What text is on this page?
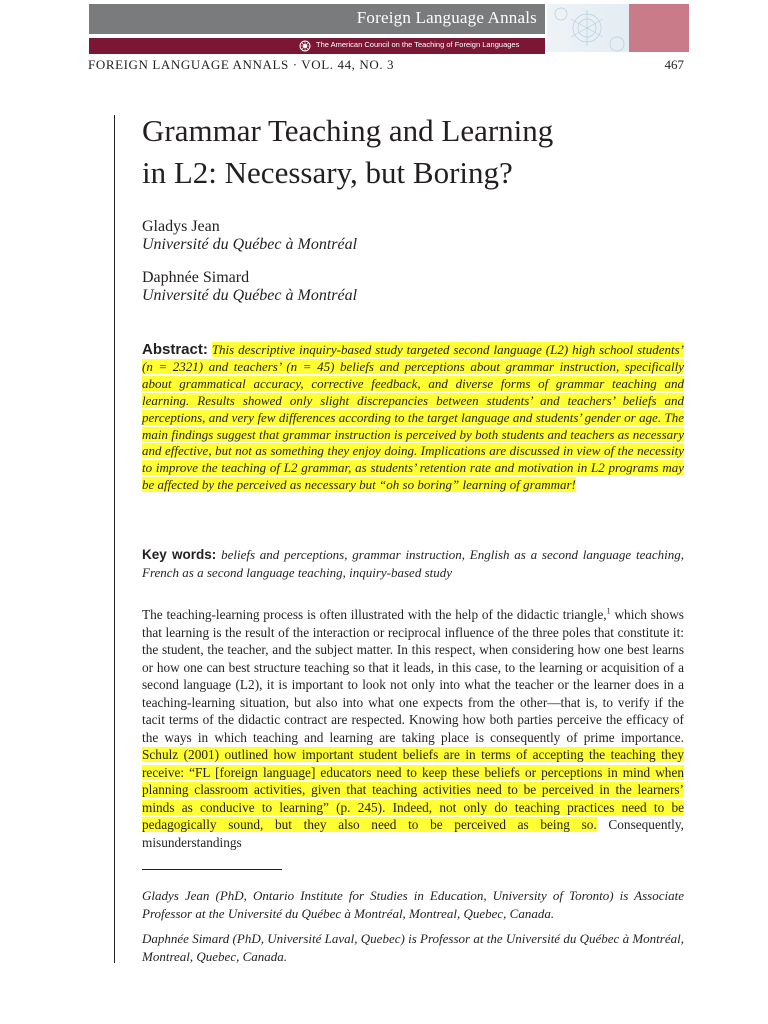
Foreign Language Annals
The American Council on the Teaching of Foreign Languages
FOREIGN LANGUAGE ANNALS · VOL. 44, NO. 3	467
Grammar Teaching and Learning
in L2: Necessary, but Boring?
Gladys Jean
Université du Québec à Montréal
Daphnée Simard
Université du Québec à Montréal
Abstract: This descriptive inquiry-based study targeted second language (L2) high school students’ (n = 2321) and teachers’ (n = 45) beliefs and perceptions about grammar instruction, specifically about grammatical accuracy, corrective feedback, and diverse forms of grammar teaching and learning. Results showed only slight discrepancies between students’ and teachers’ beliefs and perceptions, and very few differences according to the target language and students’ gender or age. The main findings suggest that grammar instruction is perceived by both students and teachers as necessary and effective, but not as something they enjoy doing. Implications are discussed in view of the necessity to improve the teaching of L2 grammar, as students’ retention rate and motivation in L2 programs may be affected by the perceived as necessary but “oh so boring” learning of grammar!
Key words: beliefs and perceptions, grammar instruction, English as a second language teaching, French as a second language teaching, inquiry-based study

The teaching-learning process is often illustrated with the help of the didactic triangle,$^1$ which shows that learning is the result of the interaction or reciprocal influence of the three poles that constitute it: the student, the teacher, and the subject matter. In this respect, when considering how one best learns or how one can best structure teaching so that it leads, in this case, to the learning or acquisition of a second language (L2), it is important to look not only into what the teacher or the learner does in a teaching-learning situation, but also into what one expects from the other—that is, to verify if the tacit terms of the didactic contract are respected. Knowing how both parties perceive the efficacy of the ways in which teaching and learning are taking place is consequently of prime importance. Schulz (2001) outlined how important student beliefs are in terms of accepting the teaching they receive: “FL [foreign language] educators need to keep these beliefs or perceptions in mind when planning classroom activities, given that teaching activities need to be perceived in the learners’ minds as conducive to learning” (p. 245). Indeed, not only do teaching practices need to be pedagogically sound, but they also need to be perceived as being so. Consequently, misunderstandings

Gladys Jean (PhD, Ontario Institute for Studies in Education, University of Toronto) is Associate Professor at the Université du Québec à Montréal, Montreal, Quebec, Canada.

Daphnée Simard (PhD, Université Laval, Quebec) is Professor at the Université du Québec à Montréal, Montreal, Quebec, Canada.
